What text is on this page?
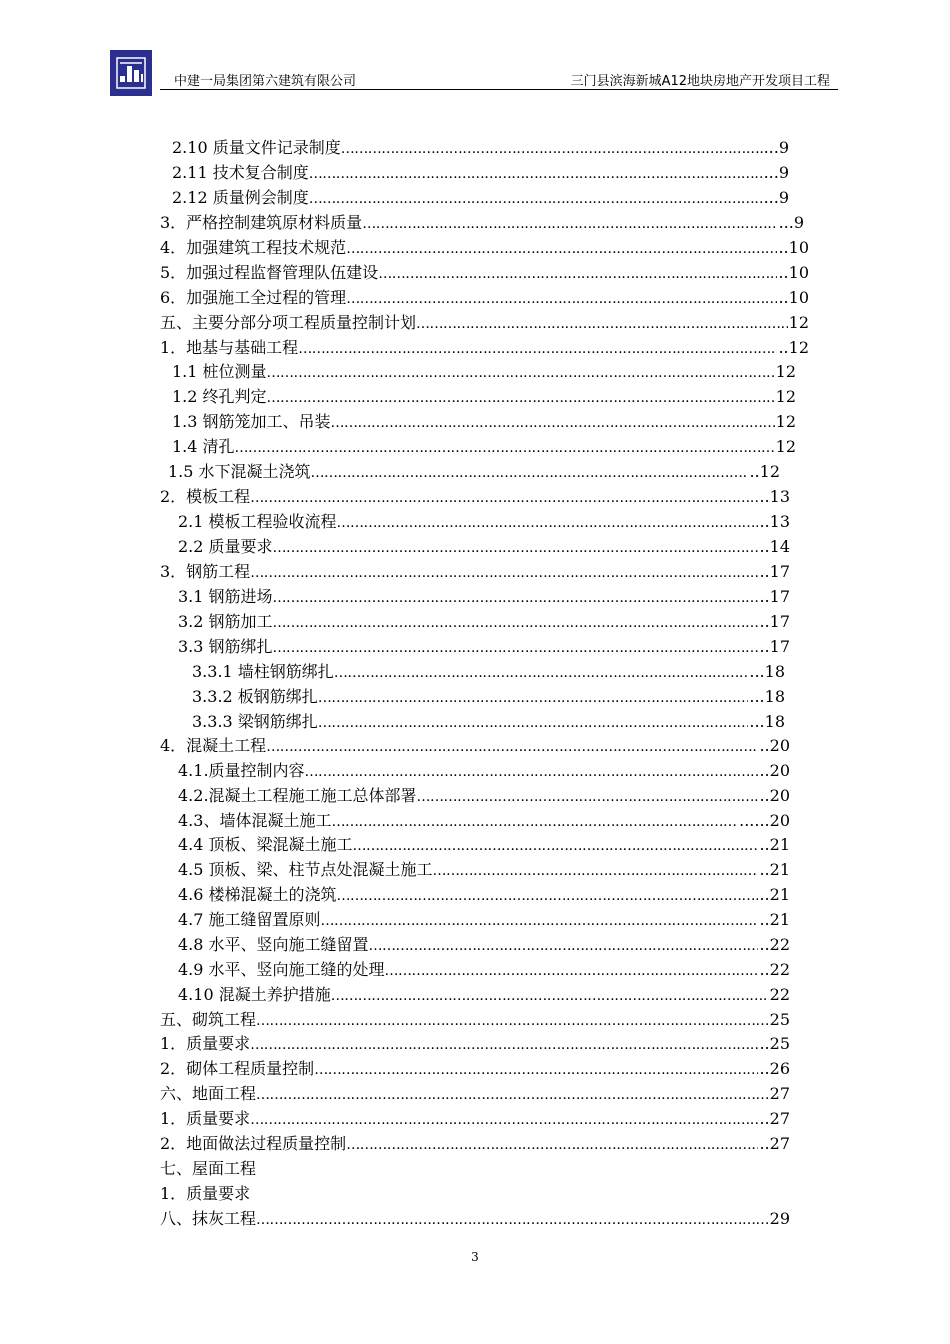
中建一局集团第六建筑有限公司	三门县滨海新城A12地块房地产开发项目工程
2.10 质量文件记录制度 ……………………………………………………………………………………………………………………………………………………………………………………………………………	...9
2.11 技术复合制度 ……………………………………………………………………………………………………………………………………………………………………………………………………………	...9
2.12 质量例会制度 ……………………………………………………………………………………………………………………………………………………………………………………………………………	...9
3．严格控制建筑原材料质量 ……………………………………………………………………………………………………………………………………………………………………………………………………………	...9
4．加强建筑工程技术规范 ……………………………………………………………………………………………………………………………………………………………………………………………………………	..10
5．加强过程监督管理队伍建设 ……………………………………………………………………………………………………………………………………………………………………………………………………………	..10
6．加强施工全过程的管理 ……………………………………………………………………………………………………………………………………………………………………………………………………………	..10
五、主要分部分项工程质量控制计划 ……………………………………………………………………………………………………………………………………………………………………………………………………………	12
1．地基与基础工程 ……………………………………………………………………………………………………………………………………………………………………………………………………………	..12
1.1 桩位测量 ……………………………………………………………………………………………………………………………………………………………………………………………………………	12
1.2 终孔判定 ……………………………………………………………………………………………………………………………………………………………………………………………………………	12
1.3 钢筋笼加工、吊装 ……………………………………………………………………………………………………………………………………………………………………………………………………………	12
1.4 清孔 ……………………………………………………………………………………………………………………………………………………………………………………………………………	12
1.5 水下混凝土浇筑 ……………………………………………………………………………………………………………………………………………………………………………………………………………	..12
2．模板工程 ……………………………………………………………………………………………………………………………………………………………………………………………………………	..13
2.1 模板工程验收流程 ……………………………………………………………………………………………………………………………………………………………………………………………………………	..13
2.2 质量要求 ……………………………………………………………………………………………………………………………………………………………………………………………………………	..14
3．钢筋工程 ……………………………………………………………………………………………………………………………………………………………………………………………………………	..17
3.1 钢筋进场 ……………………………………………………………………………………………………………………………………………………………………………………………………………	..17
3.2 钢筋加工 ……………………………………………………………………………………………………………………………………………………………………………………………………………	..17
3.3 钢筋绑扎 ……………………………………………………………………………………………………………………………………………………………………………………………………………	..17
3.3.1 墙柱钢筋绑扎 ……………………………………………………………………………………………………………………………………………………………………………………………………………	...18
3.3.2 板钢筋绑扎 ……………………………………………………………………………………………………………………………………………………………………………………………………………	...18
3.3.3 梁钢筋绑扎 ……………………………………………………………………………………………………………………………………………………………………………………………………………	...18
4．混凝土工程 ……………………………………………………………………………………………………………………………………………………………………………………………………………	..20
4.1.质量控制内容 ……………………………………………………………………………………………………………………………………………………………………………………………………………	..20
4.2.混凝土工程施工施工总体部署 ……………………………………………………………………………………………………………………………………………………………………………………………………………	..20
4.3、墙体混凝土施工 ……………………………………………………………………………………………………………………………………………………………………………………………………………	......20
4.4 顶板、梁混凝土施工 ……………………………………………………………………………………………………………………………………………………………………………………………………………	..21
4.5 顶板、梁、柱节点处混凝土施工 ……………………………………………………………………………………………………………………………………………………………………………………………………………	..21
4.6 楼梯混凝土的浇筑 ……………………………………………………………………………………………………………………………………………………………………………………………………………	..21
4.7 施工缝留置原则 ……………………………………………………………………………………………………………………………………………………………………………………………………………	..21
4.8 水平、竖向施工缝留置 ……………………………………………………………………………………………………………………………………………………………………………………………………………	..22
4.9 水平、竖向施工缝的处理 ……………………………………………………………………………………………………………………………………………………………………………………………………………	..22
4.10 混凝土养护措施 ……………………………………………………………………………………………………………………………………………………………………………………………………………	22
五、砌筑工程 ……………………………………………………………………………………………………………………………………………………………………………………………………………	25
1．质量要求 ……………………………………………………………………………………………………………………………………………………………………………………………………………	..25
2．砌体工程质量控制 ……………………………………………………………………………………………………………………………………………………………………………………………………………	..26
六、地面工程 ……………………………………………………………………………………………………………………………………………………………………………………………………………	27
1．质量要求 ……………………………………………………………………………………………………………………………………………………………………………………………………………	..27
2．地面做法过程质量控制 ……………………………………………………………………………………………………………………………………………………………………………………………………………	..27
七、屋面工程
1．质量要求
八、抹灰工程 ……………………………………………………………………………………………………………………………………………………………………………………………………………	29
3
